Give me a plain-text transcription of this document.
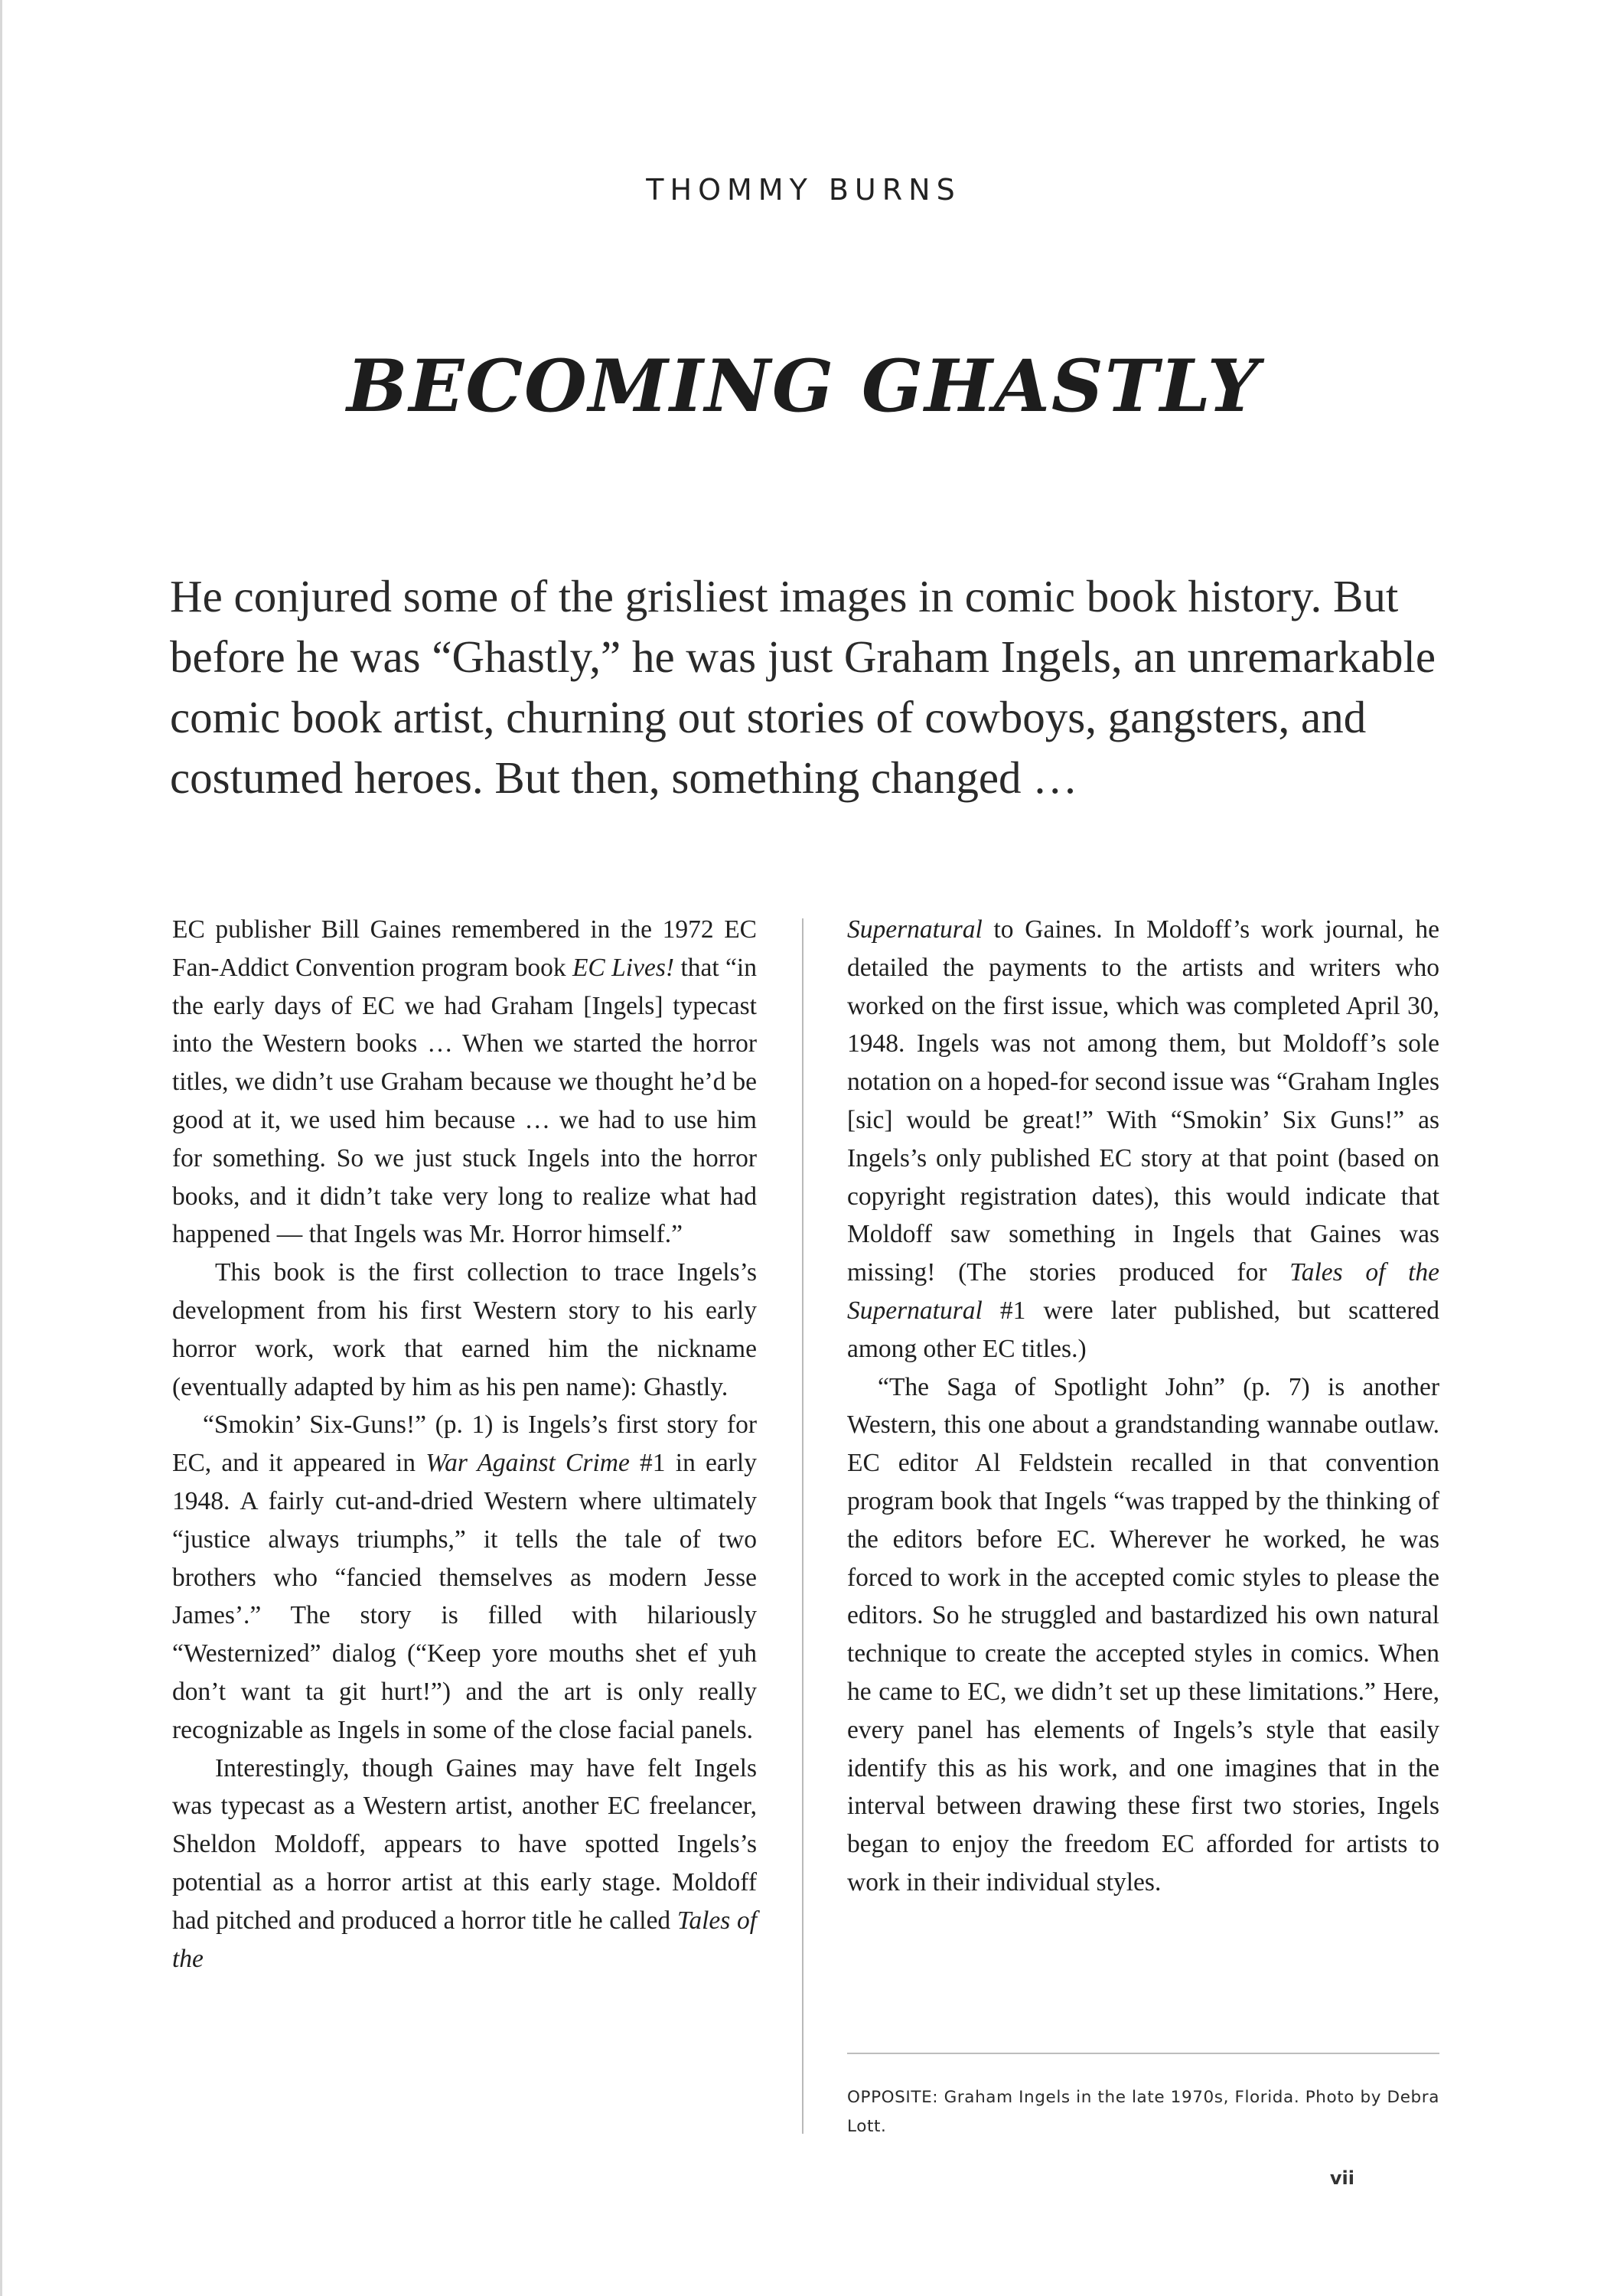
THOMMY BURNS
BECOMING GHASTLY

He conjured some of the grisliest images in comic book history. But before he was “Ghastly,” he was just Graham Ingels, an unremarkable comic book artist, churning out stories of cowboys, gangsters, and costumed heroes. But then, something changed …

EC publisher Bill Gaines remembered in the 1972 EC Fan-Addict Convention program book EC Lives! that “in the early days of EC we had Graham [Ingels] typecast into the Western books … When we started the horror titles, we didn’t use Graham because we thought he’d be good at it, we used him because … we had to use him for something. So we just stuck Ingels into the horror books, and it didn’t take very long to realize what had happened — that Ingels was Mr. Horror himself.”

This book is the first collection to trace Ingels’s development from his first Western story to his early horror work, work that earned him the nickname (eventually adapted by him as his pen name): Ghastly.

“Smokin’ Six-Guns!” (p. 1) is Ingels’s first story for EC, and it appeared in War Against Crime #1 in early 1948. A fairly cut-and-dried Western where ultimately “justice always triumphs,” it tells the tale of two brothers who “fancied themselves as modern Jesse James’.” The story is filled with hilariously “Westernized” dialog (“Keep yore mouths shet ef yuh don’t want ta git hurt!”) and the art is only really recognizable as Ingels in some of the close facial panels.

Interestingly, though Gaines may have felt Ingels was typecast as a Western artist, another EC freelancer, Sheldon Moldoff, appears to have spotted Ingels’s potential as a horror artist at this early stage. Moldoff had pitched and produced a horror title he called Tales of the

Supernatural to Gaines. In Moldoff’s work journal, he detailed the payments to the artists and writers who worked on the first issue, which was completed April 30, 1948. Ingels was not among them, but Moldoff’s sole notation on a hoped-for second issue was “Graham Ingles [sic] would be great!” With “Smokin’ Six Guns!” as Ingels’s only published EC story at that point (based on copyright registration dates), this would indicate that Moldoff saw something in Ingels that Gaines was missing! (The stories produced for Tales of the Supernatural #1 were later published, but scattered among other EC titles.)

“The Saga of Spotlight John” (p. 7) is another Western, this one about a grandstanding wannabe outlaw. EC editor Al Feldstein recalled in that convention program book that Ingels “was trapped by the thinking of the editors before EC. Wherever he worked, he was forced to work in the accepted comic styles to please the editors. So he struggled and bastardized his own natural technique to create the accepted styles in comics. When he came to EC, we didn’t set up these limitations.” Here, every panel has elements of Ingels’s style that easily identify this as his work, and one imagines that in the interval between drawing these first two stories, Ingels began to enjoy the freedom EC afforded for artists to work in their individual styles.

OPPOSITE: Graham Ingels in the late 1970s, Florida. Photo by Debra Lott.

vii
